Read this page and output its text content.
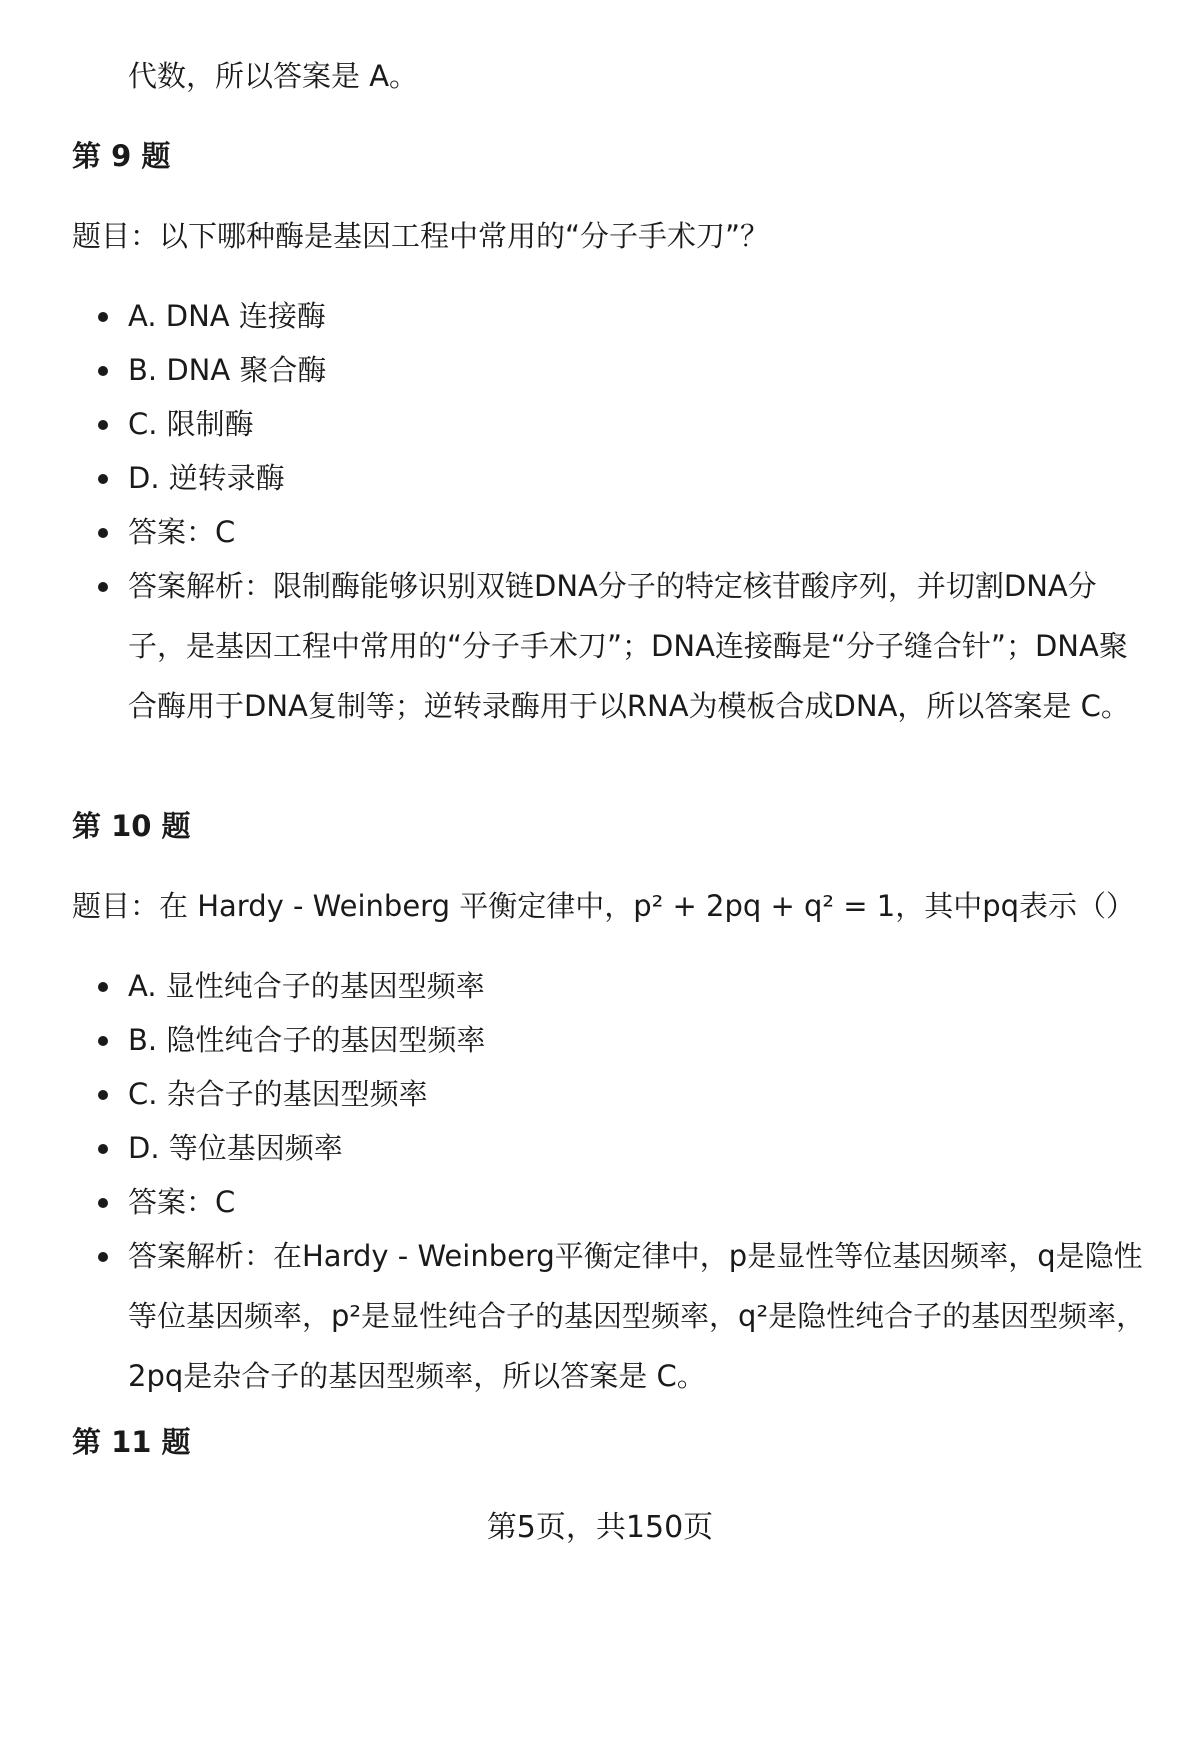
代数，所以答案是 A。

第 9 题

题目：以下哪种酶是基因工程中常用的“分子手术刀”？

A. DNA 连接酶

B. DNA 聚合酶

C. 限制酶

D. 逆转录酶

答案：C

答案解析：限制酶能够识别双链DNA分子的特定核苷酸序列，并切割DNA分子，是基因工程中常用的“分子手术刀”；DNA连接酶是“分子缝合针”；DNA聚合酶用于DNA复制等；逆转录酶用于以RNA为模板合成DNA，所以答案是 C。

第 10 题

题目：在 Hardy - Weinberg 平衡定律中，p² + 2pq + q² = 1，其中pq表示（）

A. 显性纯合子的基因型频率

B. 隐性纯合子的基因型频率

C. 杂合子的基因型频率

D. 等位基因频率

答案：C

答案解析：在Hardy - Weinberg平衡定律中，p是显性等位基因频率，q是隐性等位基因频率，p²是显性纯合子的基因型频率，q²是隐性纯合子的基因型频率，2pq是杂合子的基因型频率，所以答案是 C。

第 11 题

第5页，共150页
